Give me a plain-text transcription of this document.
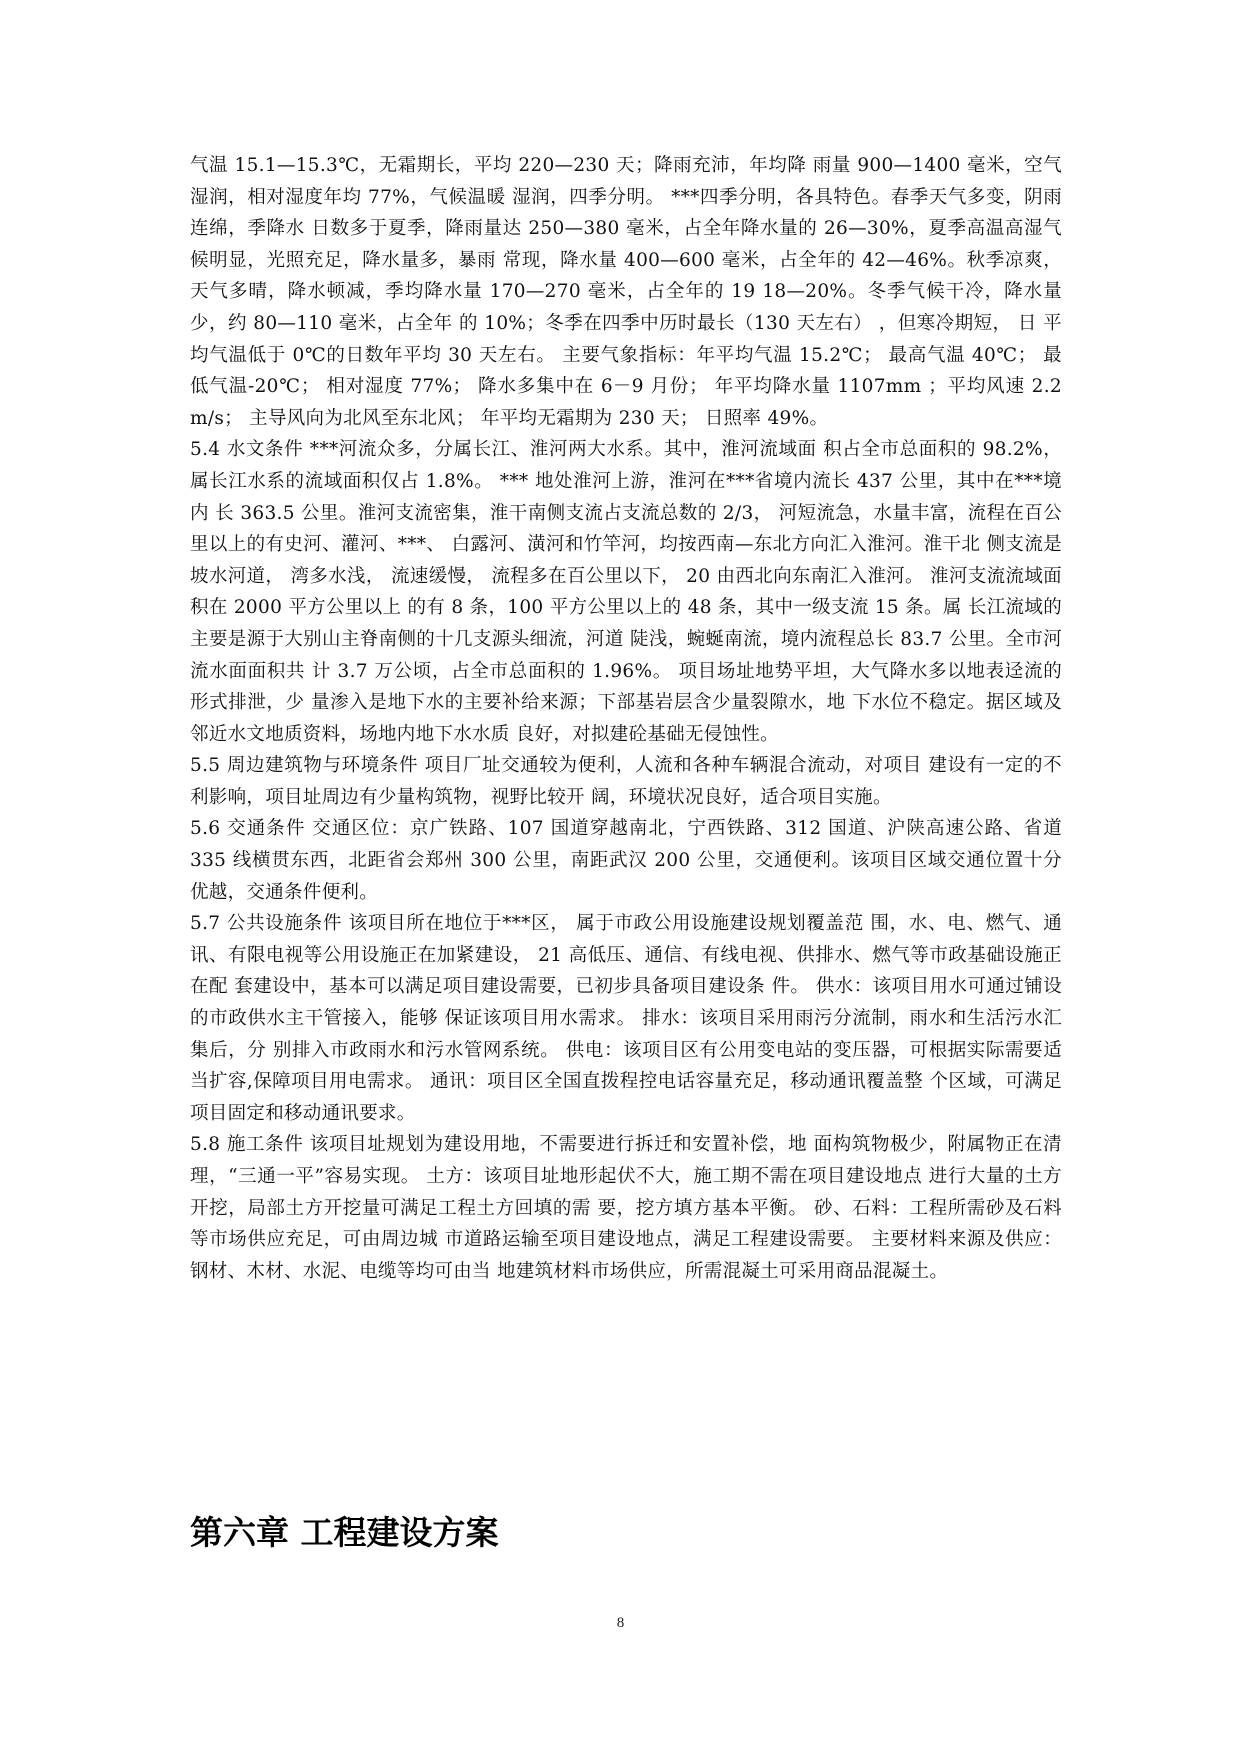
气温 15.1—15.3℃，无霜期长，平均 220—230 天；降雨充沛，年均降 雨量 900—1400 毫米，空气湿润，相对湿度年均 77%，气候温暖 湿润，四季分明。 ***四季分明，各具特色。春季天气多变，阴雨连绵，季降水 日数多于夏季，降雨量达 250—380 毫米，占全年降水量的 26—30%，夏季高温高湿气候明显，光照充足，降水量多，暴雨 常现，降水量 400—600 毫米，占全年的 42—46%。秋季凉爽， 天气多晴，降水顿减，季均降水量 170—270 毫米，占全年的 19 18—20%。冬季气候干冷，降水量少，约 80—110 毫米，占全年 的 10%；冬季在四季中历时最长（130 天左右） ，但寒冷期短， 日 平均气温低于 0℃的日数年平均 30 天左右。 主要气象指标：年平均气温 15.2℃； 最高气温 40℃； 最低气温-20℃； 相对湿度 77%； 降水多集中在 6－9 月份； 年平均降水量 1107mm ；平均风速 2.2 m/s； 主导风向为北风至东北风； 年平均无霜期为 230 天； 日照率 49%。

5.4 水文条件 ***河流众多，分属长江、淮河两大水系。其中，淮河流域面 积占全市总面积的 98.2%， 属长江水系的流域面积仅占 1.8%。 *** 地处淮河上游，淮河在***省境内流长 437 公里，其中在***境内 长 363.5 公里。淮河支流密集，淮干南侧支流占支流总数的 2/3， 河短流急，水量丰富，流程在百公里以上的有史河、灌河、***、 白露河、潢河和竹竿河，均按西南—东北方向汇入淮河。淮干北 侧支流是坡水河道， 湾多水浅， 流速缓慢， 流程多在百公里以下， 20 由西北向东南汇入淮河。 淮河支流流域面积在 2000 平方公里以上 的有 8 条，100 平方公里以上的 48 条，其中一级支流 15 条。属 长江流域的主要是源于大别山主脊南侧的十几支源头细流，河道 陡浅，蜿蜒南流，境内流程总长 83.7 公里。全市河流水面面积共 计 3.7 万公顷，占全市总面积的 1.96%。 项目场址地势平坦，大气降水多以地表迳流的形式排泄，少 量渗入是地下水的主要补给来源；下部基岩层含少量裂隙水，地 下水位不稳定。据区域及邻近水文地质资料，场地内地下水水质 良好，对拟建砼基础无侵蚀性。

5.5 周边建筑物与环境条件 项目厂址交通较为便利，人流和各种车辆混合流动，对项目 建设有一定的不利影响，项目址周边有少量构筑物，视野比较开 阔，环境状况良好，适合项目实施。

5.6 交通条件 交通区位：京广铁路、107 国道穿越南北，宁西铁路、312 国道、沪陕高速公路、省道 335 线横贯东西，北距省会郑州 300 公里，南距武汉 200 公里，交通便利。该项目区域交通位置十分 优越，交通条件便利。

5.7 公共设施条件 该项目所在地位于***区， 属于市政公用设施建设规划覆盖范 围，水、电、燃气、通讯、有限电视等公用设施正在加紧建设， 21 高低压、通信、有线电视、供排水、燃气等市政基础设施正在配 套建设中，基本可以满足项目建设需要，已初步具备项目建设条 件。 供水：该项目用水可通过铺设的市政供水主干管接入，能够 保证该项目用水需求。 排水：该项目采用雨污分流制，雨水和生活污水汇集后，分 别排入市政雨水和污水管网系统。 供电：该项目区有公用变电站的变压器，可根据实际需要适 当扩容,保障项目用电需求。 通讯：项目区全国直拨程控电话容量充足，移动通讯覆盖整 个区域，可满足项目固定和移动通讯要求。

5.8 施工条件 该项目址规划为建设用地，不需要进行拆迁和安置补偿，地 面构筑物极少，附属物正在清理，“三通一平”容易实现。 土方：该项目址地形起伏不大，施工期不需在项目建设地点 进行大量的土方开挖，局部土方开挖量可满足工程土方回填的需 要，挖方填方基本平衡。 砂、石料：工程所需砂及石料等市场供应充足，可由周边城 市道路运输至项目建设地点，满足工程建设需要。 主要材料来源及供应：钢材、木材、水泥、电缆等均可由当 地建筑材料市场供应，所需混凝土可采用商品混凝土。

第六章 工程建设方案
8
